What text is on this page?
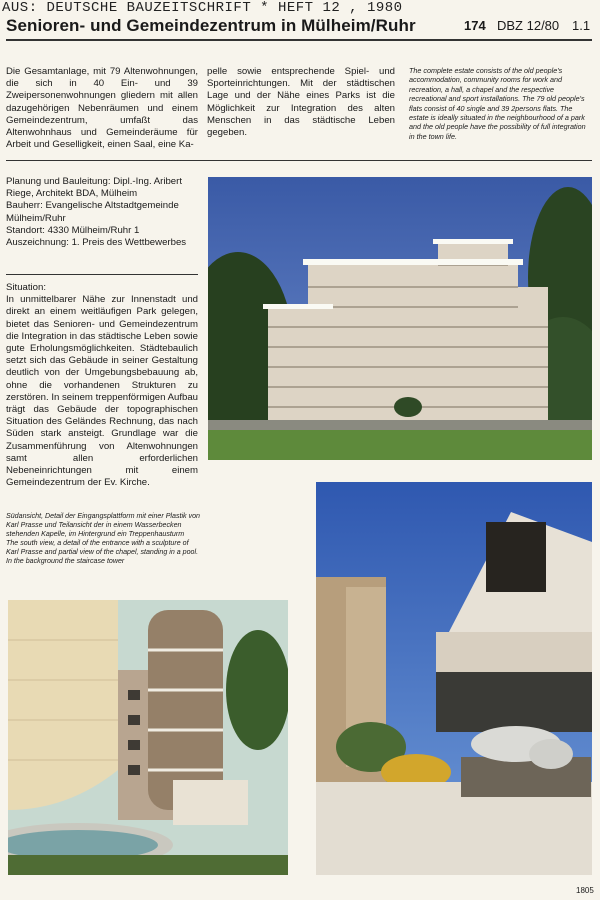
AUS: DEUTSCHE BAUZEITSCHRIFT * HEFT 12 , 1980
Senioren- und Gemeindezentrum in Mülheim/Ruhr	174 DBZ 12/80 1.1
Die Gesamtanlage, mit 79 Altenwohnungen, die sich in 40 Ein- und 39 Zweipersonenwohnungen gliedern mit allen dazugehörigen Nebenräumen und einem Gemeindezentrum, umfaßt das Altenwohnhaus und Gemeinderäume für Arbeit und Geselligkeit, einen Saal, eine Ka-
pelle sowie entsprechende Spiel- und Sporteinrichtungen. Mit der städtischen Lage und der Nähe eines Parks ist die Möglichkeit zur Integration des alten Menschen in das städtische Leben gegeben.
The complete estate consists of the old people's accommodation, community rooms for work and recreation, a hall, a chapel and the respective recreational and sport installations. The 79 old people's flats consist of 40 single and 39 2persons flats. The estate is ideally situated in the neighbourhood of a park and the old people have the possibility of full integration in the town life.

Planung und Bauleitung: Dipl.-Ing. Aribert Riege, Architekt BDA, Mülheim

Bauherr: Evangelische Altstadtgemeinde Mülheim/Ruhr

Standort: 4330 Mülheim/Ruhr 1

Auszeichnung: 1. Preis des Wettbewerbes

Situation:

In unmittelbarer Nähe zur Innenstadt und direkt an einem weitläufigen Park gelegen, bietet das Senioren- und Gemeindezentrum die Integration in das städtische Leben sowie gute Erholungsmöglichkeiten. Städtebaulich setzt sich das Gebäude in seiner Gestaltung deutlich von der Umgebungsbebauung ab, ohne die vorhandenen Strukturen zu zerstören. In seinem treppenförmigen Aufbau trägt das Gebäude der topographischen Situation des Geländes Rechnung, das nach Süden stark ansteigt. Grundlage war die Zusammenführung von Altenwohnungen samt allen erforderlichen Nebeneinrichtungen mit einem Gemeindezentrum der Ev. Kirche.

Südansicht, Detail der Eingangsplattform mit einer Plastik von Karl Prasse und Teilansicht der in einem Wasserbecken stehenden Kapelle, im Hintergrund ein Treppenhausturm
The south view, a detail of the entrance with a sculpture of Karl Prasse and partial view of the chapel, standing in a pool. In the background the staircase tower
1805
